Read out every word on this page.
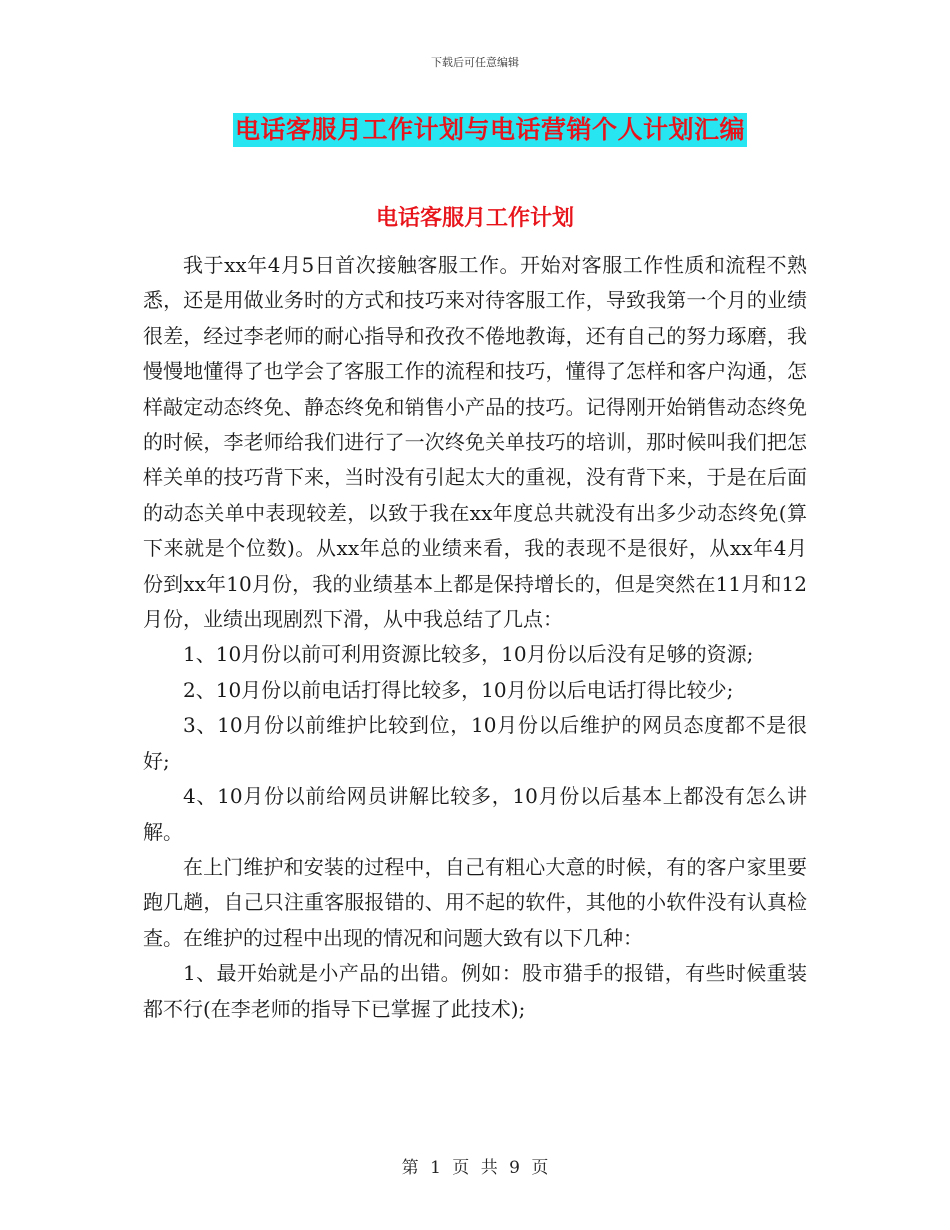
下载后可任意编辑
电话客服月工作计划与电话营销个人计划汇编
电话客服月工作计划

我于xx年4月5日首次接触客服工作。开始对客服工作性质和流程不熟悉，还是用做业务时的方式和技巧来对待客服工作，导致我第一个月的业绩很差，经过李老师的耐心指导和孜孜不倦地教诲，还有自己的努力琢磨，我慢慢地懂得了也学会了客服工作的流程和技巧，懂得了怎样和客户沟通，怎样敲定动态终免、静态终免和销售小产品的技巧。记得刚开始销售动态终免的时候，李老师给我们进行了一次终免关单技巧的培训，那时候叫我们把怎样关单的技巧背下来，当时没有引起太大的重视，没有背下来，于是在后面的动态关单中表现较差，以致于我在xx年度总共就没有出多少动态终免(算下来就是个位数)。从xx年总的业绩来看，我的表现不是很好，从xx年4月份到xx年10月份，我的业绩基本上都是保持增长的，但是突然在11月和12月份，业绩出现剧烈下滑，从中我总结了几点：

1、10月份以前可利用资源比较多，10月份以后没有足够的资源;

2、10月份以前电话打得比较多，10月份以后电话打得比较少;

3、10月份以前维护比较到位，10月份以后维护的网员态度都不是很好;

4、10月份以前给网员讲解比较多，10月份以后基本上都没有怎么讲解。

在上门维护和安装的过程中，自己有粗心大意的时候，有的客户家里要跑几趟，自己只注重客服报错的、用不起的软件，其他的小软件没有认真检查。在维护的过程中出现的情况和问题大致有以下几种：

1、最开始就是小产品的出错。例如：股市猎手的报错，有些时候重装都不行(在李老师的指导下已掌握了此技术);

第 1 页 共 9 页
